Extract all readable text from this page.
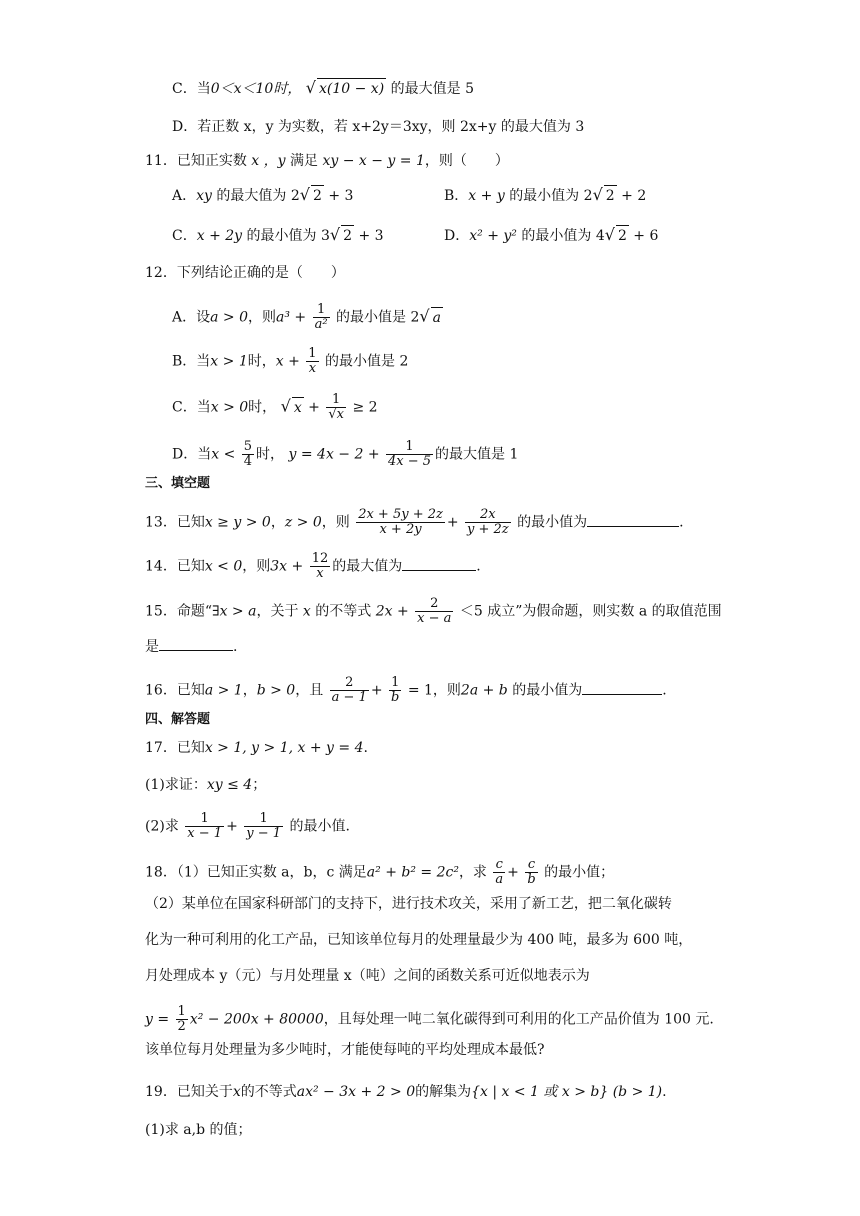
C．当0＜x＜10时， √ x(10 − x) 的最大值是 5
D．若正数 x，y 为实数，若 x+2y＝3xy，则 2x+y 的最大值为 3
11．已知正实数 x ，y 满足 xy − x − y = 1，则（　　）
A．xy 的最大值为 2√ 2 + 3	B．x + y 的最小值为 2√ 2 + 2
C．x + 2y 的最小值为 3√ 2 + 3	D．x² + y² 的最小值为 4√ 2 + 6
12．下列结论正确的是（　　）
A．设a > 0，则$a^3 + \frac{1}{\text{a²}}$ 的最小值是 2√ a
B．当x > 1时，$x + \frac{1}{x}$ 的最小值是 2
C．当x > 0时， √ $x + \frac{1}{√x} \ge 2$
D．当$x < \frac{5}{4}$ 时， $y = 4x - 2 + \frac{1}{4x - 5}$ 的最大值是 1
三、填空题
13．已知x ≥ y > 0，z > 0，则 $\frac{2x + 5y + 2z}{x + 2y} + \frac{2x}{y + 2z}$ 的最小值为	.
14．已知x < 0，则$3x + \frac{12}{x}$ 的最大值为	.
15．命题“∃x > a，关于 x 的不等式 $2x + \frac{2}{x - a} <5$ 成立”为假命题，则实数 a 的取值范围
是	.
16．已知a > 1，b > 0，且 $\frac{2}{a - 1} + \frac{1}{b} = 1$，则2a + b 的最小值为	.
四、解答题
17．已知x > 1, y > 1, x + y = 4.
(1)求证：xy ≤ 4；
(2)求 $\frac{1}{x - 1} + \frac{1}{y - 1}$ 的最小值.
18．（1）已知正实数 a，b，c 满足a² + b² = 2c²，求 $\frac{c}{a} + \frac{c}{b}$ 的最小值；
（2）某单位在国家科研部门的支持下，进行技术攻关，采用了新工艺，把二氧化碳转
化为一种可利用的化工产品，已知该单位每月的处理量最少为 400 吨，最多为 600 吨，
月处理成本 y（元）与月处理量 x（吨）之间的函数关系可近似地表示为
$y = \frac{1}{2} x^2 - 200x + 80000$，且每处理一吨二氧化碳得到可利用的化工产品价值为 100 元.
该单位每月处理量为多少吨时，才能使每吨的平均处理成本最低?
19．已知关于x的不等式ax² − 3x + 2 > 0的解集为{x | x < 1 或 x > b} (b > 1).
(1)求 a,b 的值；
